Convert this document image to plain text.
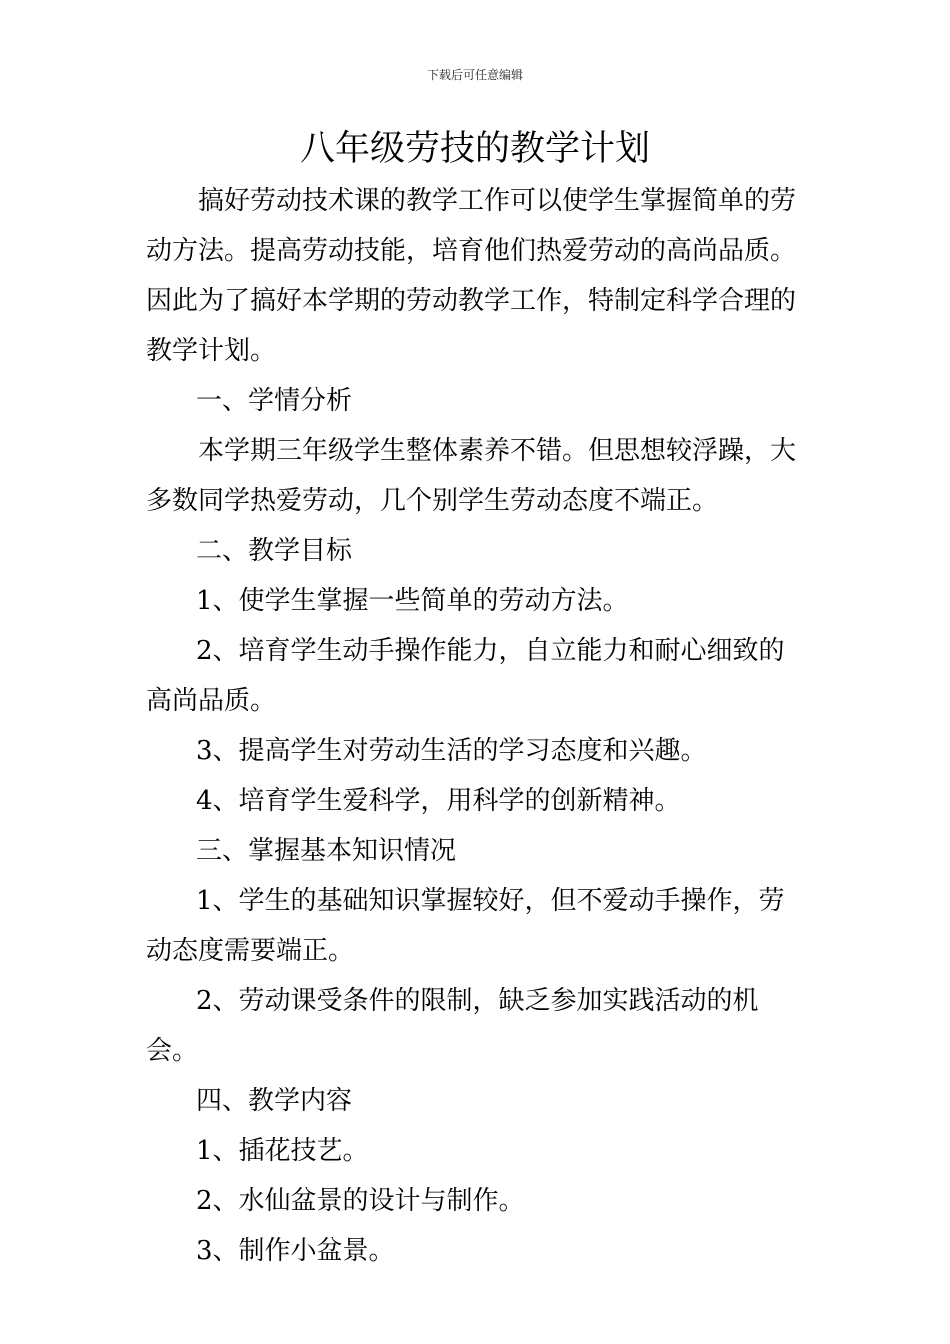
下载后可任意编辑
八年级劳技的教学计划

搞好劳动技术课的教学工作可以使学生掌握简单的劳动方法。提高劳动技能，培育他们热爱劳动的高尚品质。因此为了搞好本学期的劳动教学工作，特制定科学合理的教学计划。

一、学情分析

本学期三年级学生整体素养不错。但思想较浮躁，大多数同学热爱劳动，几个别学生劳动态度不端正。

二、教学目标

1、使学生掌握一些简单的劳动方法。

2、培育学生动手操作能力，自立能力和耐心细致的高尚品质。

3、提高学生对劳动生活的学习态度和兴趣。

4、培育学生爱科学，用科学的创新精神。

三、掌握基本知识情况

1、学生的基础知识掌握较好，但不爱动手操作，劳动态度需要端正。

2、劳动课受条件的限制，缺乏参加实践活动的机会。

四、教学内容

1、插花技艺。

2、水仙盆景的设计与制作。

3、制作小盆景。
